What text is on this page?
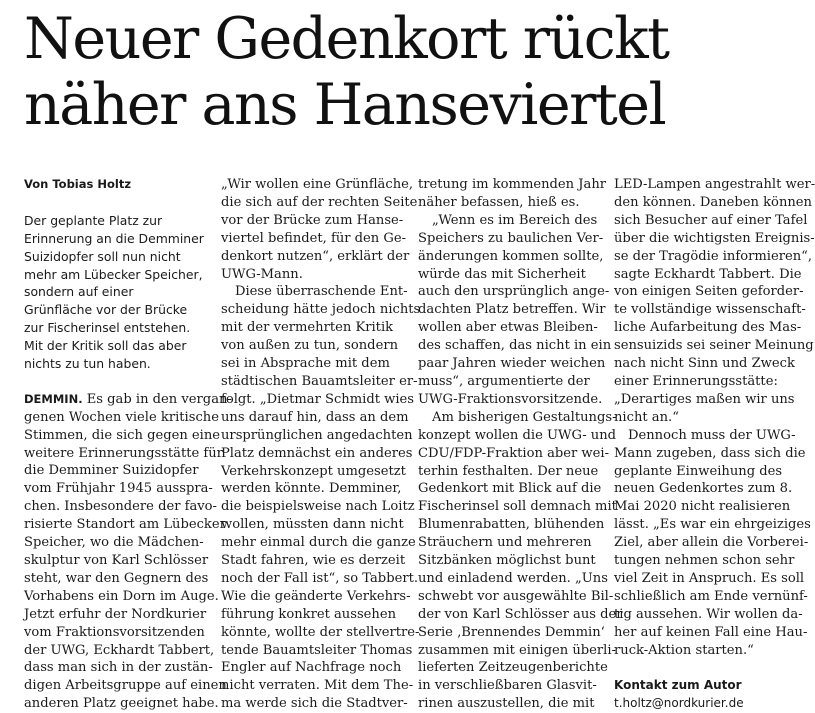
Neuer Gedenkort rückt
näher ans Hanseviertel
Von Tobias Holtz
Der geplante Platz zur
Erinnerung an die Demminer
Suizidopfer soll nun nicht
mehr am Lübecker Speicher,
sondern auf einer
Grünfläche vor der Brücke
zur Fischerinsel entstehen.
Mit der Kritik soll das aber
nichts zu tun haben.
DEMMIN. Es gab in den vergan-
genen Wochen viele kritische
Stimmen, die sich gegen eine
weitere Erinnerungsstätte für
die Demminer Suizidopfer
vom Frühjahr 1945 ausspra-
chen. Insbesondere der favo-
risierte Standort am Lübecker
Speicher, wo die Mädchen-
skulptur von Karl Schlösser
steht, war den Gegnern des
Vorhabens ein Dorn im Auge.
Jetzt erfuhr der Nordkurier
vom Fraktionsvorsitzenden
der UWG, Eckhardt Tabbert,
dass man sich in der zustän-
digen Arbeitsgruppe auf einen
anderen Platz geeignet habe.
„Wir wollen eine Grünfläche,
die sich auf der rechten Seite
vor der Brücke zum Hanse-
viertel befindet, für den Ge-
denkort nutzen“, erklärt der
UWG-Mann.
Diese überraschende Ent-
scheidung hätte jedoch nichts
mit der vermehrten Kritik
von außen zu tun, sondern
sei in Absprache mit dem
städtischen Bauamtsleiter er-
folgt. „Dietmar Schmidt wies
uns darauf hin, dass an dem
ursprünglichen angedachten
Platz demnächst ein anderes
Verkehrskonzept umgesetzt
werden könnte. Demminer,
die beispielsweise nach Loitz
wollen, müssten dann nicht
mehr einmal durch die ganze
Stadt fahren, wie es derzeit
noch der Fall ist“, so Tabbert.
Wie die geänderte Verkehrs-
führung konkret aussehen
könnte, wollte der stellvertre-
tende Bauamtsleiter Thomas
Engler auf Nachfrage noch
nicht verraten. Mit dem The-
ma werde sich die Stadtver-
tretung im kommenden Jahr
näher befassen, hieß es.
„Wenn es im Bereich des
Speichers zu baulichen Ver-
änderungen kommen sollte,
würde das mit Sicherheit
auch den ursprünglich ange-
dachten Platz betreffen. Wir
wollen aber etwas Bleiben-
des schaffen, das nicht in ein
paar Jahren wieder weichen
muss“, argumentierte der
UWG-Fraktionsvorsitzende.
Am bisherigen Gestaltungs-
konzept wollen die UWG- und
CDU/FDP-Fraktion aber wei-
terhin festhalten. Der neue
Gedenkort mit Blick auf die
Fischerinsel soll demnach mit
Blumenrabatten, blühenden
Sträuchern und mehreren
Sitzbänken möglichst bunt
und einladend werden. „Uns
schwebt vor ausgewählte Bil-
der von Karl Schlösser aus der
Serie ‚Brennendes Demmin‘
zusammen mit einigen überli-
lieferten Zeitzeugenberichte
in verschließbaren Glasvit-
rinen auszustellen, die mit
LED-Lampen angestrahlt wer-
den können. Daneben können
sich Besucher auf einer Tafel
über die wichtigsten Ereignis-
se der Tragödie informieren“,
sagte Eckhardt Tabbert. Die
von einigen Seiten geforder-
te vollständige wissenschaft-
liche Aufarbeitung des Mas-
sensuizids sei seiner Meinung
nach nicht Sinn und Zweck
einer Erinnerungsstätte:
„Derartiges maßen wir uns
nicht an.“
Dennoch muss der UWG-
Mann zugeben, dass sich die
geplante Einweihung des
neuen Gedenkortes zum 8.
Mai 2020 nicht realisieren
lässt. „Es war ein ehrgeiziges
Ziel, aber allein die Vorberei-
tungen nehmen schon sehr
viel Zeit in Anspruch. Es soll
schließlich am Ende vernünf-
tig aussehen. Wir wollen da-
her auf keinen Fall eine Hau-
ruck-Aktion starten.“
Kontakt zum Autor
t.holtz@nordkurier.de
